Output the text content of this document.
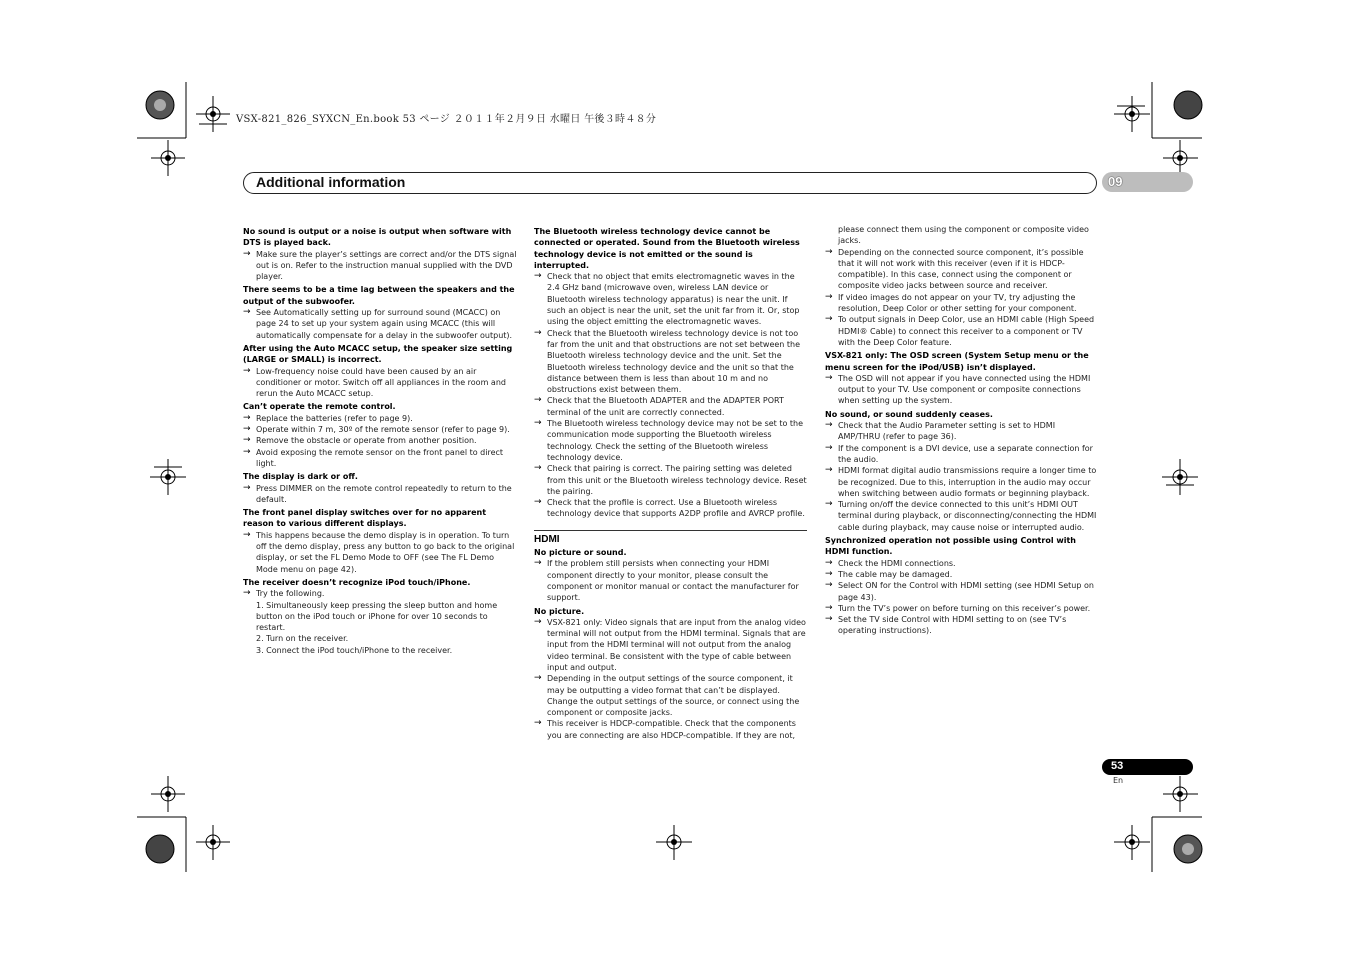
VSX-821_826_SYXCN_En.book 53 ページ ２０１１年２月９日 水曜日 午後３時４８分
Additional information	09
No sound is output or a noise is output when software with DTS is played back.
→ Make sure the player’s settings are correct and/or the DTS signal out is on. Refer to the instruction manual supplied with the DVD player.
There seems to be a time lag between the speakers and the output of the subwoofer.
→ See Automatically setting up for surround sound (MCACC) on page 24 to set up your system again using MCACC (this will automatically compensate for a delay in the subwoofer output).
After using the Auto MCACC setup, the speaker size setting (LARGE or SMALL) is incorrect.
→ Low-frequency noise could have been caused by an air conditioner or motor. Switch off all appliances in the room and rerun the Auto MCACC setup.
Can’t operate the remote control.
→ Replace the batteries (refer to page 9).
→ Operate within 7 m, 30º of the remote sensor (refer to page 9).
→ Remove the obstacle or operate from another position.
→ Avoid exposing the remote sensor on the front panel to direct light.
The display is dark or off.
→ Press DIMMER on the remote control repeatedly to return to the default.
The front panel display switches over for no apparent reason to various different displays.
→ This happens because the demo display is in operation. To turn off the demo display, press any button to go back to the original display, or set the FL Demo Mode to OFF (see The FL Demo Mode menu on page 42).
The receiver doesn’t recognize iPod touch/iPhone.
→ Try the following.
1. Simultaneously keep pressing the sleep button and home button on the iPod touch or iPhone for over 10 seconds to restart.
2. Turn on the receiver.
3. Connect the iPod touch/iPhone to the receiver.
The Bluetooth wireless technology device cannot be connected or operated. Sound from the Bluetooth wireless technology device is not emitted or the sound is interrupted.
→ Check that no object that emits electromagnetic waves in the 2.4 GHz band (microwave oven, wireless LAN device or Bluetooth wireless technology apparatus) is near the unit. If such an object is near the unit, set the unit far from it. Or, stop using the object emitting the electromagnetic waves.
→ Check that the Bluetooth wireless technology device is not too far from the unit and that obstructions are not set between the Bluetooth wireless technology device and the unit. Set the Bluetooth wireless technology device and the unit so that the distance between them is less than about 10 m and no obstructions exist between them.
→ Check that the Bluetooth ADAPTER and the ADAPTER PORT terminal of the unit are correctly connected.
→ The Bluetooth wireless technology device may not be set to the communication mode supporting the Bluetooth wireless technology. Check the setting of the Bluetooth wireless technology device.
→ Check that pairing is correct. The pairing setting was deleted from this unit or the Bluetooth wireless technology device. Reset the pairing.
→ Check that the profile is correct. Use a Bluetooth wireless technology device that supports A2DP profile and AVRCP profile.
HDMI
No picture or sound.
→ If the problem still persists when connecting your HDMI component directly to your monitor, please consult the component or monitor manual or contact the manufacturer for support.
No picture.
→ VSX-821 only: Video signals that are input from the analog video terminal will not output from the HDMI terminal. Signals that are input from the HDMI terminal will not output from the analog video terminal. Be consistent with the type of cable between input and output.
→ Depending in the output settings of the source component, it may be outputting a video format that can’t be displayed. Change the output settings of the source, or connect using the component or composite jacks.
→ This receiver is HDCP-compatible. Check that the components you are connecting are also HDCP-compatible. If they are not,
please connect them using the component or composite video jacks.
→ Depending on the connected source component, it’s possible that it will not work with this receiver (even if it is HDCP-compatible). In this case, connect using the component or composite video jacks between source and receiver.
→ If video images do not appear on your TV, try adjusting the resolution, Deep Color or other setting for your component.
→ To output signals in Deep Color, use an HDMI cable (High Speed HDMI® Cable) to connect this receiver to a component or TV with the Deep Color feature.
VSX-821 only: The OSD screen (System Setup menu or the menu screen for the iPod/USB) isn’t displayed.
→ The OSD will not appear if you have connected using the HDMI output to your TV. Use component or composite connections when setting up the system.
No sound, or sound suddenly ceases.
→ Check that the Audio Parameter setting is set to HDMI AMP/THRU (refer to page 36).
→ If the component is a DVI device, use a separate connection for the audio.
→ HDMI format digital audio transmissions require a longer time to be recognized. Due to this, interruption in the audio may occur when switching between audio formats or beginning playback.
→ Turning on/off the device connected to this unit’s HDMI OUT terminal during playback, or disconnecting/connecting the HDMI cable during playback, may cause noise or interrupted audio.
Synchronized operation not possible using Control with HDMI function.
→ Check the HDMI connections.
→ The cable may be damaged.
→ Select ON for the Control with HDMI setting (see HDMI Setup on page 43).
→ Turn the TV’s power on before turning on this receiver’s power.
→ Set the TV side Control with HDMI setting to on (see TV’s operating instructions).
53
En
